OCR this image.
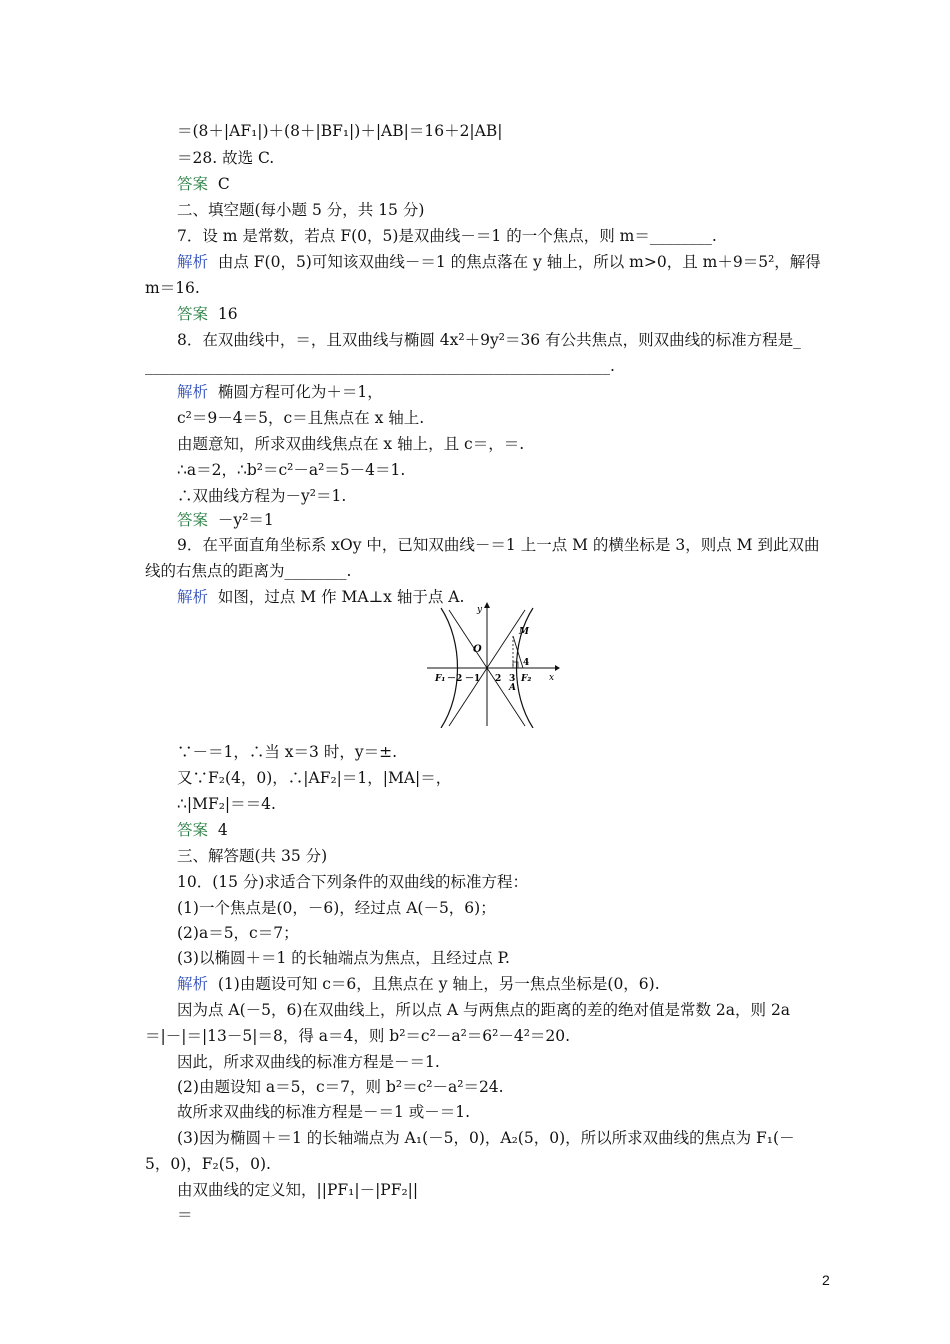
＝(8＋|AF₁|)＋(8＋|BF₁|)＋|AB|＝16＋2|AB|
＝28. 故选 C.
答案  C
二、填空题(每小题 5 分，共 15 分)
7．设 m 是常数，若点 F(0，5)是双曲线－＝1 的一个焦点，则 m＝________.
解析  由点 F(0，5)可知该双曲线－＝1 的焦点落在 y 轴上，所以 m>0，且 m＋9＝5²，解得
m＝16.
答案  16
8．在双曲线中，＝，且双曲线与椭圆 4x²＋9y²＝36 有公共焦点，则双曲线的标准方程是_
____________________________________________________________.
解析  椭圆方程可化为＋＝1，
c²＝9－4＝5，c＝且焦点在 x 轴上.
由题意知，所求双曲线焦点在 x 轴上，且 c＝，＝.
∴a＝2，∴b²＝c²－a²＝5－4＝1.
∴双曲线方程为－y²＝1.
答案  －y²＝1
9．在平面直角坐标系 xOy 中，已知双曲线－＝1 上一点 M 的横坐标是 3，则点 M 到此双曲
线的右焦点的距离为________.
解析  如图，过点 M 作 MA⊥x 轴于点 A.
∵－＝1，∴当 x＝3 时，y＝±.
又∵F₂(4，0)，∴|AF₂|＝1，|MA|＝，
∴|MF₂|＝＝4.
答案  4
三、解答题(共 35 分)
10．(15 分)求适合下列条件的双曲线的标准方程：
(1)一个焦点是(0，－6)，经过点 A(－5，6)；
(2)a＝5，c＝7；
(3)以椭圆＋＝1 的长轴端点为焦点，且经过点 P.
解析  (1)由题设可知 c＝6，且焦点在 y 轴上，另一焦点坐标是(0，6).
因为点 A(－5，6)在双曲线上，所以点 A 与两焦点的距离的差的绝对值是常数 2a，则 2a
＝|－|＝|13－5|＝8，得 a＝4，则 b²＝c²－a²＝6²－4²＝20.
因此，所求双曲线的标准方程是－＝1.
(2)由题设知 a＝5，c＝7，则 b²＝c²－a²＝24.
故所求双曲线的标准方程是－＝1 或－＝1.
(3)因为椭圆＋＝1 的长轴端点为 A₁(－5，0)，A₂(5，0)，所以所求双曲线的焦点为 F₁(－
5，0)，F₂(5，0).
由双曲线的定义知，||PF₁|－|PF₂||
＝
y
x
O
M
A
F₁ －2 －1 2 3
4
F₂
2
